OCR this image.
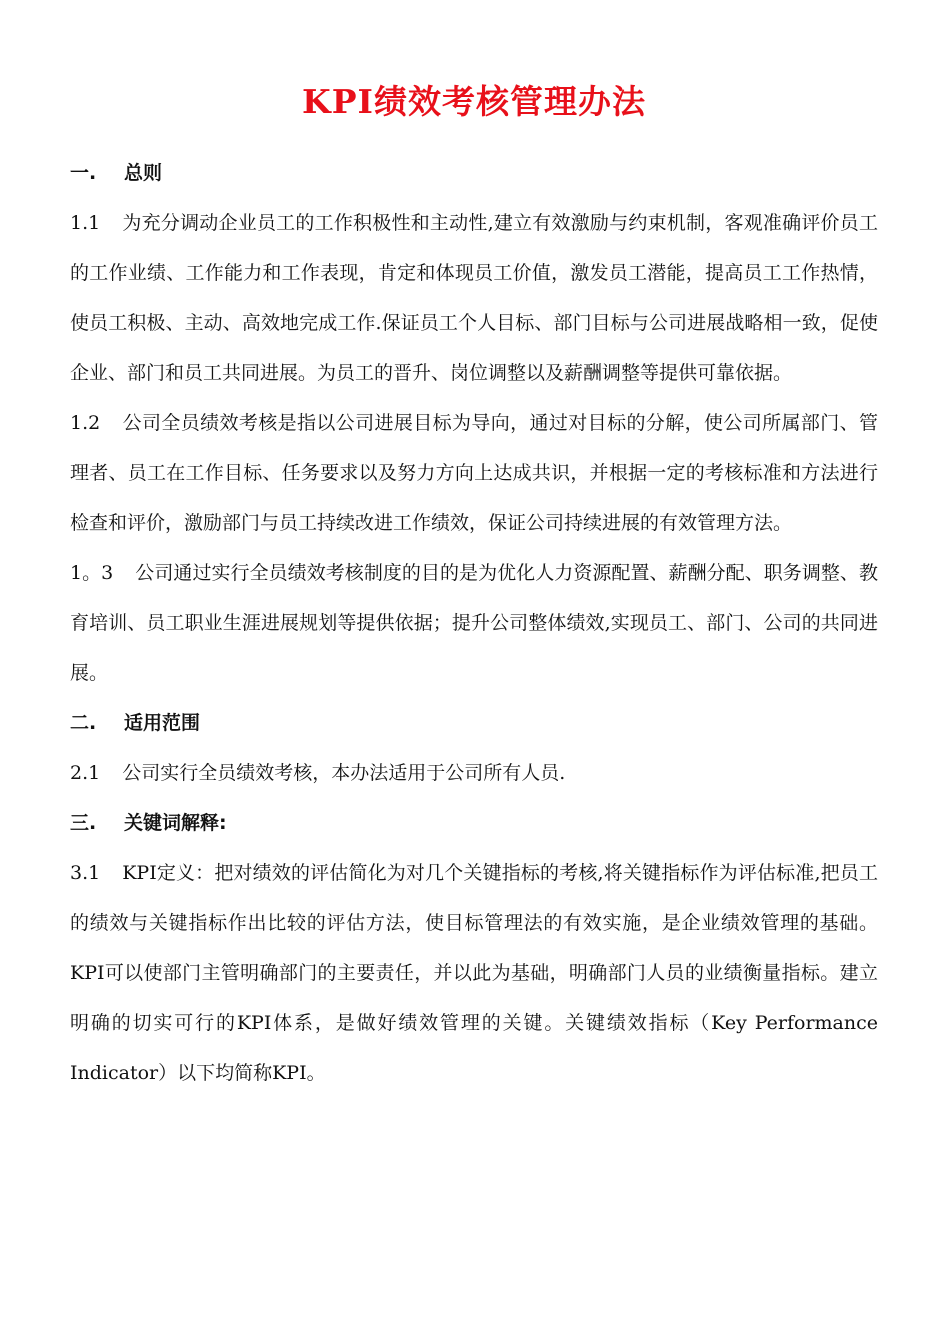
KPI绩效考核管理办法
一. 总则

1.1 为充分调动企业员工的工作积极性和主动性,建立有效激励与约束机制，客观准确评价员工的工作业绩、工作能力和工作表现，肯定和体现员工价值，激发员工潜能，提高员工工作热情，使员工积极、主动、高效地完成工作.保证员工个人目标、部门目标与公司进展战略相一致，促使企业、部门和员工共同进展。为员工的晋升、岗位调整以及薪酬调整等提供可靠依据。

1.2 公司全员绩效考核是指以公司进展目标为导向，通过对目标的分解，使公司所属部门、管理者、员工在工作目标、任务要求以及努力方向上达成共识，并根据一定的考核标准和方法进行检查和评价，激励部门与员工持续改进工作绩效，保证公司持续进展的有效管理方法。

1。3 公司通过实行全员绩效考核制度的目的是为优化人力资源配置、薪酬分配、职务调整、教育培训、员工职业生涯进展规划等提供依据；提升公司整体绩效,实现员工、部门、公司的共同进展。

二. 适用范围

2.1 公司实行全员绩效考核，本办法适用于公司所有人员.

三. 关键词解释:

3.1 KPI定义：把对绩效的评估简化为对几个关键指标的考核,将关键指标作为评估标准,把员工的绩效与关键指标作出比较的评估方法，使目标管理法的有效实施，是企业绩效管理的基础。KPI可以使部门主管明确部门的主要责任，并以此为基础，明确部门人员的业绩衡量指标。建立明确的切实可行的KPI体系，是做好绩效管理的关键。关键绩效指标（Key Performance Indicator）以下均简称KPI。
